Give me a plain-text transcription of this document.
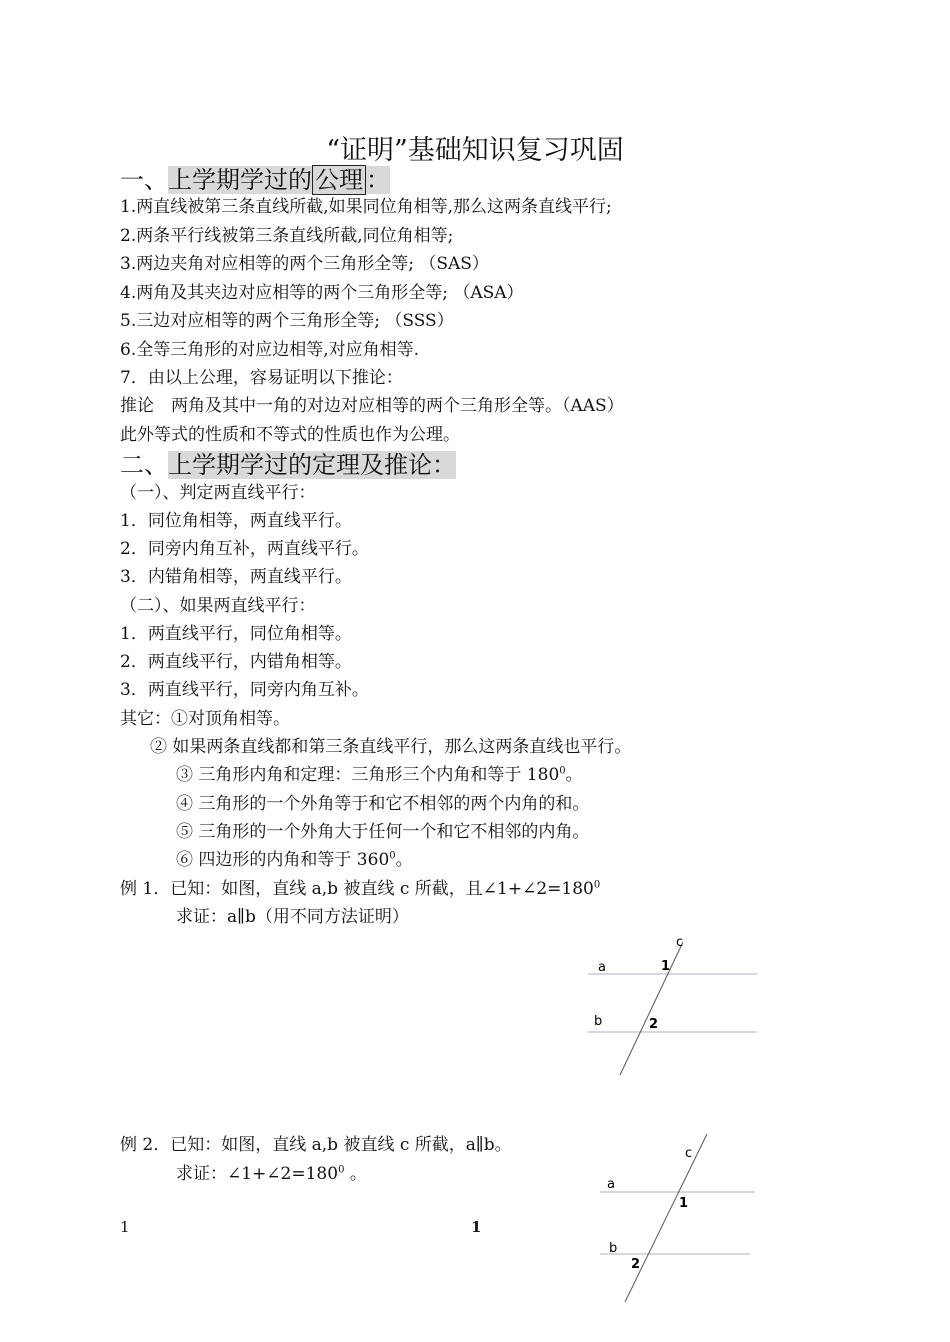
“证明”基础知识复习巩固
一、上学期学过的 公理 ：
1.两直线被第三条直线所截,如果同位角相等,那么这两条直线平行;
2.两条平行线被第三条直线所截,同位角相等;
3.两边夹角对应相等的两个三角形全等; （SAS）
4.两角及其夹边对应相等的两个三角形全等; （ASA）
5.三边对应相等的两个三角形全等; （SSS）
6.全等三角形的对应边相等,对应角相等.
7．由以上公理，容易证明以下推论：
推论　两角及其中一角的对边对应相等的两个三角形全等。（AAS）
此外等式的性质和不等式的性质也作为公理。
二、上学期学过的定理及推论：
（一）、判定两直线平行：
1．同位角相等，两直线平行。
2．同旁内角互补，两直线平行。
3．内错角相等，两直线平行。
（二）、如果两直线平行：
1．两直线平行，同位角相等。
2．两直线平行，内错角相等。
3．两直线平行，同旁内角互补。
其它：①对顶角相等。
② 如果两条直线都和第三条直线平行，那么这两条直线也平行。
③ 三角形内角和定理：三角形三个内角和等于 $180^0$。
④ 三角形的一个外角等于和它不相邻的两个内角的和。
⑤ 三角形的一个外角大于任何一个和它不相邻的内角。
⑥ 四边形的内角和等于 $360^0$。
例 1．已知：如图，直线 a,b 被直线 c 所截，且$\angle 1+\angle 2=180^0$
求证：a∥b（用不同方法证明）
c
a	1
b	2
例 2．已知：如图，直线 a,b 被直线 c 所截，a∥b。
求证：$\angle 1+\angle 2=180^0$ 。
c
a
1
b
2
1	1
